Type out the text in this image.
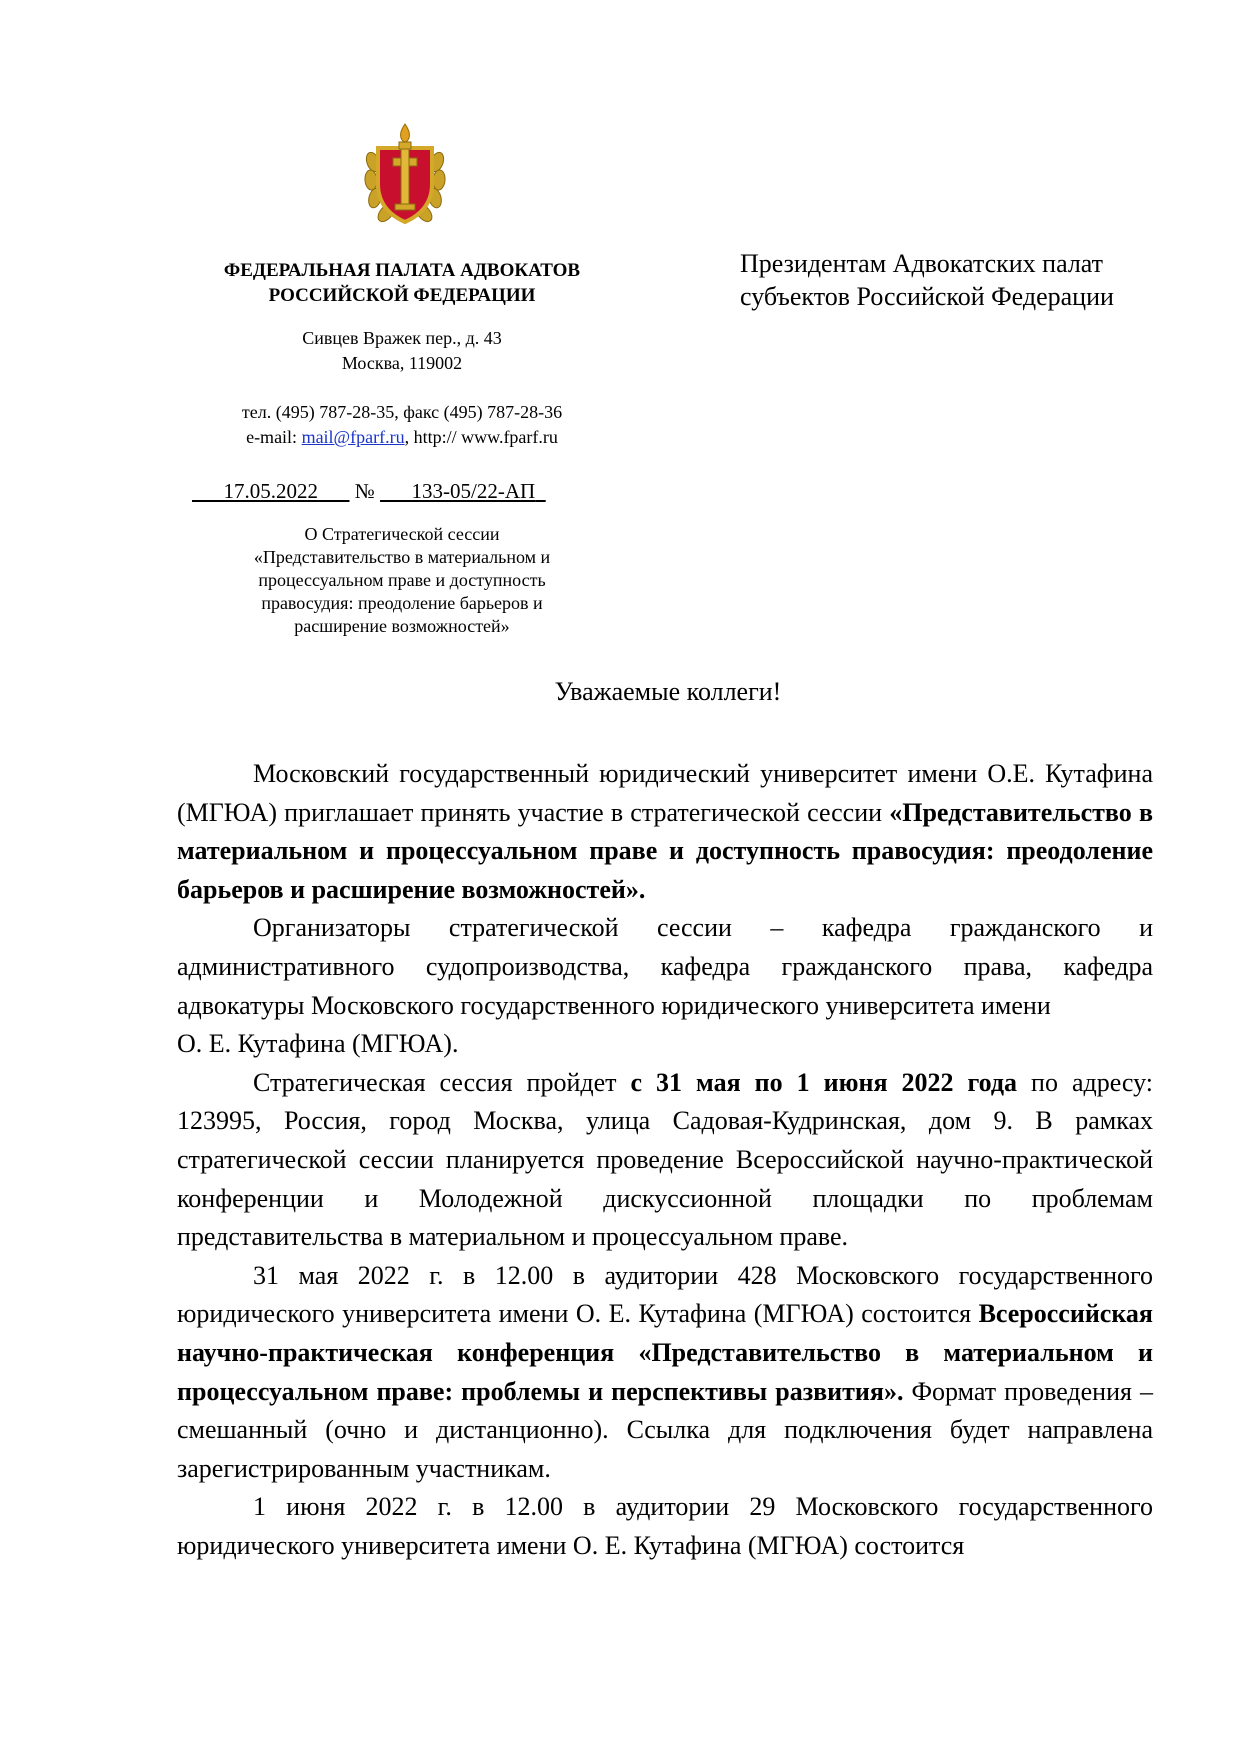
ФЕДЕРАЛЬНАЯ ПАЛАТА АДВОКАТОВ
РОССИЙСКОЙ ФЕДЕРАЦИИ
Сивцев Вражек пер., д. 43
Москва, 119002
тел. (495) 787-28-35, факс (495) 787-28-36
e-mail: mail@fparf.ru, http:// www.fparf.ru
17.05.2022 № 133-05/22-АП
О Стратегической сессии
«Представительство в материальном и
процессуальном праве и доступность
правосудия: преодоление барьеров и
расширение возможностей»
Президентам Адвокатских палат
субъектов Российской Федерации
Уважаемые коллеги!

Московский государственный юридический университет имени О.Е. Кутафина (МГЮА) приглашает принять участие в стратегической сессии «Представительство в материальном и процессуальном праве и доступность правосудия: преодоление барьеров и расширение возможностей».

Организаторы стратегической сессии – кафедра гражданского и административного судопроизводства, кафедра гражданского права, кафедра адвокатуры Московского государственного юридического университета имени

О. Е. Кутафина (МГЮА).

Стратегическая сессия пройдет с 31 мая по 1 июня 2022 года по адресу: 123995, Россия, город Москва, улица Садовая-Кудринская, дом 9. В рамках стратегической сессии планируется проведение Всероссийской научно-практической конференции и Молодежной дискуссионной площадки по проблемам представительства в материальном и процессуальном праве.

31 мая 2022 г. в 12.00 в аудитории 428 Московского государственного юридического университета имени О. Е. Кутафина (МГЮА) состоится Всероссийская научно-практическая конференция «Представительство в материальном и процессуальном праве: проблемы и перспективы развития». Формат проведения – смешанный (очно и дистанционно). Ссылка для подключения будет направлена зарегистрированным участникам.

1 июня 2022 г. в 12.00 в аудитории 29 Московского государственного юридического университета имени О. Е. Кутафина (МГЮА) состоится
